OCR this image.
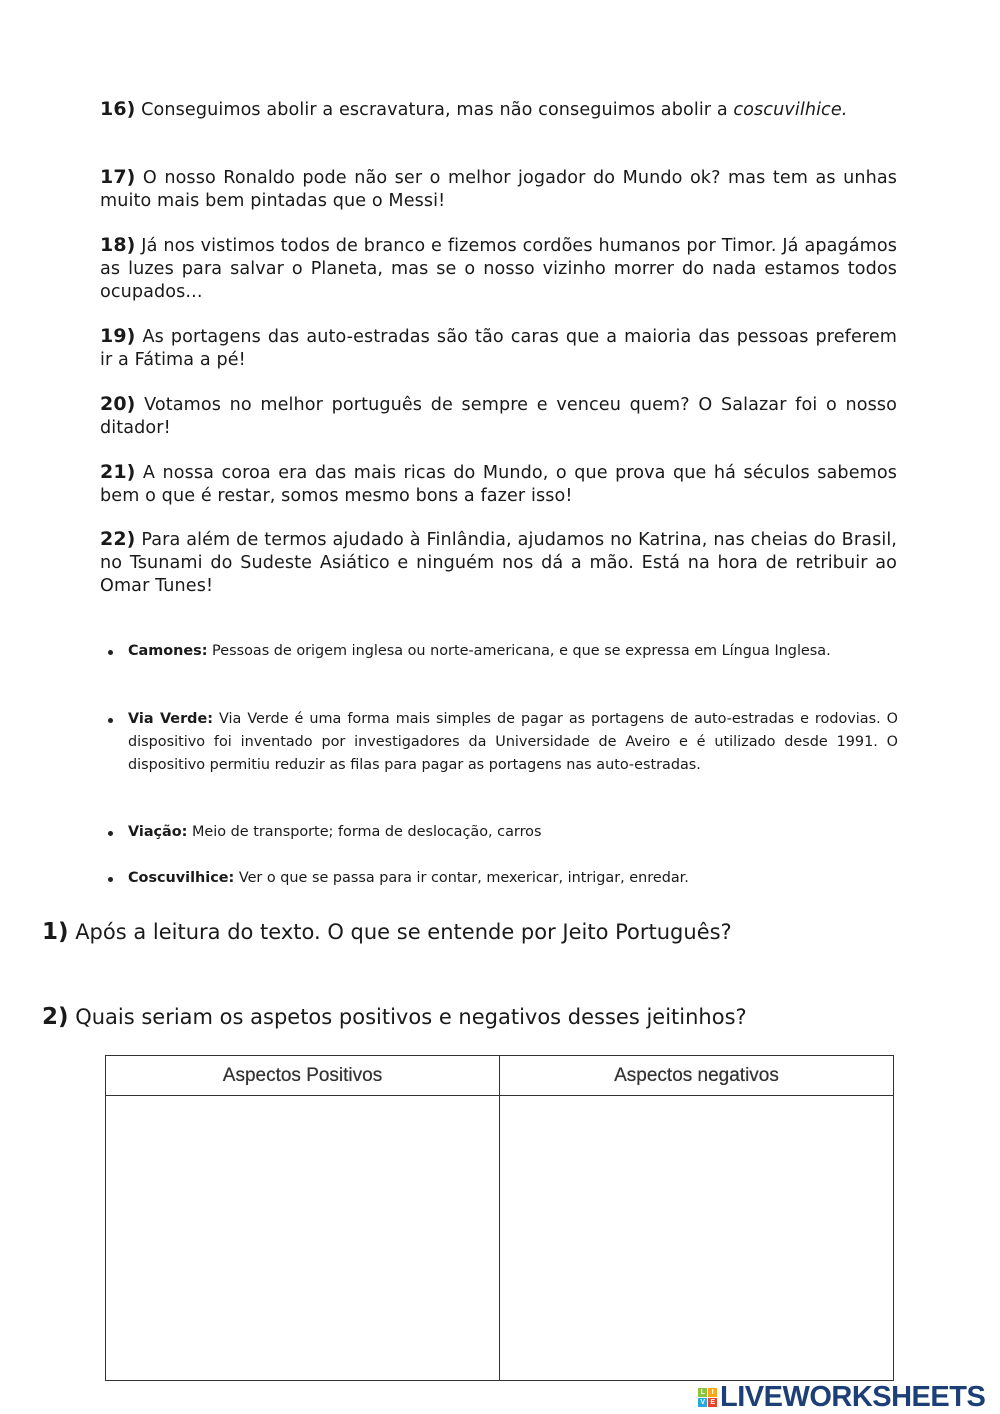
16) Conseguimos abolir a escravatura, mas não conseguimos abolir a coscuvilhice.
17) O nosso Ronaldo pode não ser o melhor jogador do Mundo ok? mas tem as unhas muito mais bem pintadas que o Messi!
18) Já nos vistimos todos de branco e fizemos cordões humanos por Timor. Já apagámos as luzes para salvar o Planeta, mas se o nosso vizinho morrer do nada estamos todos ocupados...
19) As portagens das auto-estradas são tão caras que a maioria das pessoas preferem ir a Fátima a pé!
20) Votamos no melhor português de sempre e venceu quem? O Salazar foi o nosso ditador!
21) A nossa coroa era das mais ricas do Mundo, o que prova que há séculos sabemos bem o que é restar, somos mesmo bons a fazer isso!
22) Para além de termos ajudado à Finlândia, ajudamos no Katrina, nas cheias do Brasil, no Tsunami do Sudeste Asiático e ninguém nos dá a mão. Está na hora de retribuir ao Omar Tunes!
Camones: Pessoas de origem inglesa ou norte-americana, e que se expressa em Língua Inglesa.
Via Verde: Via Verde é uma forma mais simples de pagar as portagens de auto-estradas e rodovias. O dispositivo foi inventado por investigadores da Universidade de Aveiro e é utilizado desde 1991. O dispositivo permitiu reduzir as filas para pagar as portagens nas auto-estradas.
Viação: Meio de transporte; forma de deslocação, carros
Coscuvilhice: Ver o que se passa para ir contar, mexericar, intrigar, enredar.
1) Após a leitura do texto. O que se entende por Jeito Português?
2) Quais seriam os aspetos positivos e negativos desses jeitinhos?
Aspectos Positivos	Aspectos negativos

L	I
V E LIVEWORKSHEETS
